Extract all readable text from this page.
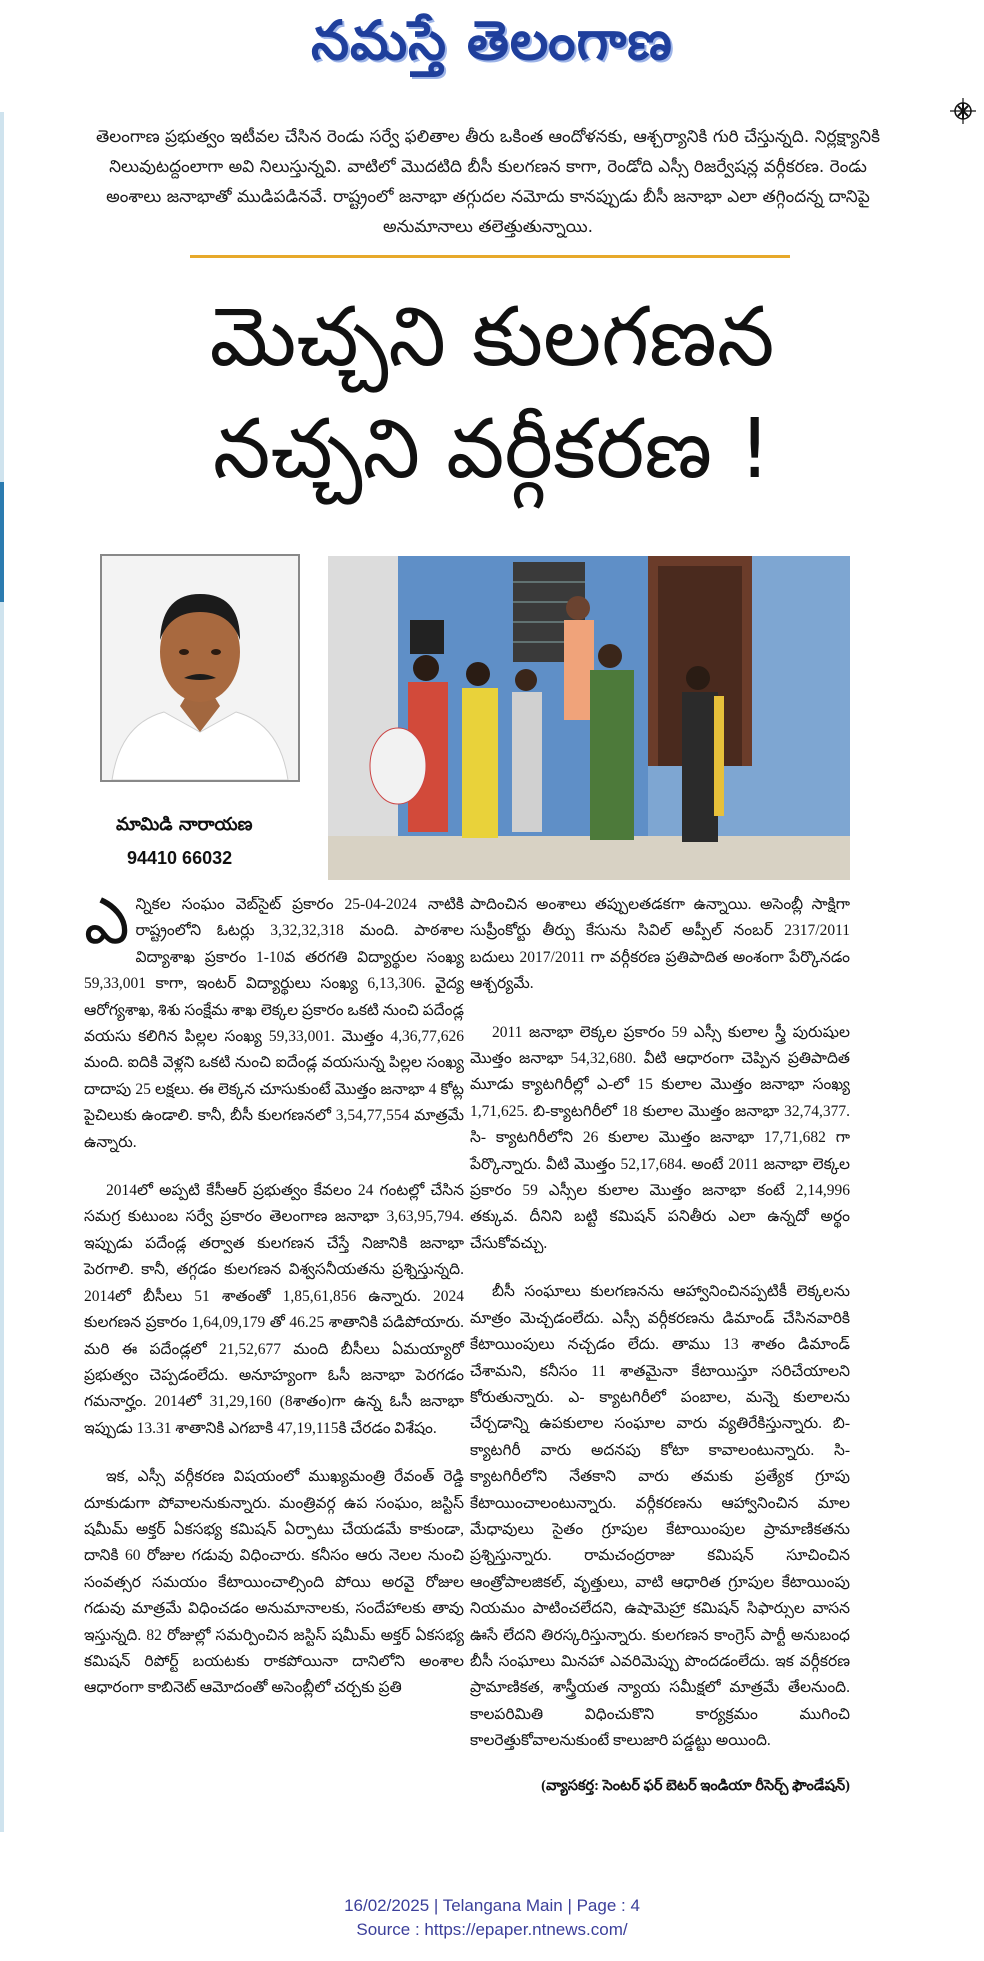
నమస్తే తెలంగాణ
తెలంగాణ ప్రభుత్వం ఇటీవల చేసిన రెండు సర్వే ఫలితాల తీరు ఒకింత ఆందోళనకు, ఆశ్చర్యానికి గురి చేస్తున్నది. నిర్లక్ష్యానికి నిలువుటద్దంలాగా అవి నిలుస్తున్నవి. వాటిలో మొదటిది బీసీ కులగణన కాగా, రెండోది ఎస్సీ రిజర్వేషన్ల వర్గీకరణ. రెండు అంశాలు జనాభాతో ముడిపడినవే. రాష్ట్రంలో జనాభా తగ్గుదల నమోదు కానప్పుడు బీసీ జనాభా ఎలా తగ్గిందన్న దానిపై అనుమానాలు తలెత్తుతున్నాయి.
మెచ్చని కులగణన
నచ్చని వర్గీకరణ !
మామిడి నారాయణ
94410 66032

ఎన్నికల సంఘం వెబ్‌సైట్ ప్రకారం 25-04-2024 నాటికి రాష్ట్రంలోని ఓటర్లు 3,32,32,318 మంది. పాఠశాల విద్యాశాఖ ప్రకారం 1-10వ తరగతి విద్యార్థుల సంఖ్య 59,33,001 కాగా, ఇంటర్ విద్యార్థులు సంఖ్య 6,13,306. వైద్య ఆరోగ్యశాఖ, శిశు సంక్షేమ శాఖ లెక్కల ప్రకారం ఒకటి నుంచి పదేండ్ల వయసు కలిగిన పిల్లల సంఖ్య 59,33,001. మొత్తం 4,36,77,626 మంది. ఐదికి వెళ్లని ఒకటి నుంచి ఐదేండ్ల వయసున్న పిల్లల సంఖ్య దాదాపు 25 లక్షలు. ఈ లెక్కన చూసుకుంటే మొత్తం జనాభా 4 కోట్ల పైచిలుకు ఉండాలి. కానీ, బీసీ కులగణనలో 3,54,77,554 మాత్రమే ఉన్నారు.

2014లో అప్పటి కేసీఆర్ ప్రభుత్వం కేవలం 24 గంటల్లో చేసిన సమగ్ర కుటుంబ సర్వే ప్రకారం తెలంగాణ జనాభా 3,63,95,794. ఇప్పుడు పదేండ్ల తర్వాత కులగణన చేస్తే నిజానికి జనాభా పెరగాలి. కానీ, తగ్గడం కులగణన విశ్వసనీయతను ప్రశ్నిస్తున్నది. 2014లో బీసీలు 51 శాతంతో 1,85,61,856 ఉన్నారు. 2024 కులగణన ప్రకారం 1,64,09,179 తో 46.25 శాతానికి పడిపోయారు. మరి ఈ పదేండ్లలో 21,52,677 మంది బీసీలు ఏమయ్యారో ప్రభుత్వం చెప్పడంలేదు. అనూహ్యంగా ఓసీ జనాభా పెరగడం గమనార్హం. 2014లో 31,29,160 (8శాతం)గా ఉన్న ఓసీ జనాభా ఇప్పుడు 13.31 శాతానికి ఎగబాకి 47,19,115కి చేరడం విశేషం.

ఇక, ఎస్సీ వర్గీకరణ విషయంలో ముఖ్యమంత్రి రేవంత్ రెడ్డి దూకుడుగా పోవాలనుకున్నారు. మంత్రివర్గ ఉప సంఘం, జస్టిస్ షమీమ్ అక్తర్ ఏకసభ్య కమిషన్ ఏర్పాటు చేయడమే కాకుండా, దానికి 60 రోజుల గడువు విధించారు. కనీసం ఆరు నెలల నుంచి సంవత్సర సమయం కేటాయించాల్సింది పోయి అరవై రోజుల గడువు మాత్రమే విధించడం అనుమానాలకు, సందేహాలకు తావు ఇస్తున్నది. 82 రోజుల్లో సమర్పించిన జస్టిస్ షమీమ్ అక్తర్ ఏకసభ్య కమిషన్ రిపోర్ట్ బయటకు రాకపోయినా దానిలోని అంశాల ఆధారంగా కాబినెట్ ఆమోదంతో అసెంబ్లీలో చర్చకు ప్రతి

పాదించిన అంశాలు తప్పులతడకగా ఉన్నాయి. అసెంబ్లీ సాక్షిగా సుప్రీంకోర్టు తీర్పు కేసును సివిల్ అప్పీల్ నంబర్ 2317/2011 బదులు 2017/2011 గా వర్గీకరణ ప్రతిపాదిత అంశంగా పేర్కొనడం ఆశ్చర్యమే.

2011 జనాభా లెక్కల ప్రకారం 59 ఎస్సీ కులాల స్త్రీ పురుషుల మొత్తం జనాభా 54,32,680. వీటి ఆధారంగా చెప్పిన ప్రతిపాదిత మూడు క్యాటగిరీల్లో ఎ-లో 15 కులాల మొత్తం జనాభా సంఖ్య 1,71,625. బి-క్యాటగిరీలో 18 కులాల మొత్తం జనాభా 32,74,377. సి- క్యాటగిరీలోని 26 కులాల మొత్తం జనాభా 17,71,682 గా పేర్కొన్నారు. వీటి మొత్తం 52,17,684. అంటే 2011 జనాభా లెక్కల ప్రకారం 59 ఎస్సీల కులాల మొత్తం జనాభా కంటే 2,14,996 తక్కువ. దీనిని బట్టి కమిషన్ పనితీరు ఎలా ఉన్నదో అర్థం చేసుకోవచ్చు.

బీసీ సంఘాలు కులగణనను ఆహ్వానించినప్పటికీ లెక్కలను మాత్రం మెచ్చడంలేదు. ఎస్సీ వర్గీకరణను డిమాండ్ చేసినవారికి కేటాయింపులు నచ్చడం లేదు. తాము 13 శాతం డిమాండ్ చేశామని, కనీసం 11 శాతమైనా కేటాయిస్తూ సరిచేయాలని కోరుతున్నారు. ఎ- క్యాటగిరీలో పంబాల, మన్నె కులాలను చేర్చడాన్ని ఉపకులాల సంఘాల వారు వ్యతిరేకిస్తున్నారు. బి-క్యాటగిరీ వారు అదనపు కోటా కావాలంటున్నారు. సి- క్యాటగిరీలోని నేతకాని వారు తమకు ప్రత్యేక గ్రూపు కేటాయించాలంటున్నారు. వర్గీకరణను ఆహ్వానించిన మాల మేధావులు సైతం గ్రూపుల కేటాయింపుల ప్రామాణికతను ప్రశ్నిస్తున్నారు. రామచంద్రరాజు కమిషన్ సూచించిన ఆంత్రోపాలజికల్, వృత్తులు, వాటి ఆధారిత గ్రూపుల కేటాయింపు నియమం పాటించలేదని, ఉషామెహ్రా కమిషన్ సిఫార్సుల వాసన ఊసే లేదని తిరస్కరిస్తున్నారు. కులగణన కాంగ్రెస్ పార్టీ అనుబంధ బీసీ సంఘాలు మినహా ఎవరిమెప్పు పొందడంలేదు. ఇక వర్గీకరణ ప్రామాణికత, శాస్త్రీయత న్యాయ సమీక్షలో మాత్రమే తేలనుంది. కాలపరిమితి విధించుకొని కార్యక్రమం ముగించి కాలరెత్తుకోవాలనుకుంటే కాలుజారి పడ్డట్టు అయింది.

(వ్యాసకర్త: సెంటర్ ఫర్ బెటర్ ఇండియా రీసెర్చ్ ఫౌండేషన్)
16/02/2025 | Telangana Main | Page : 4
Source : https://epaper.ntnews.com/
